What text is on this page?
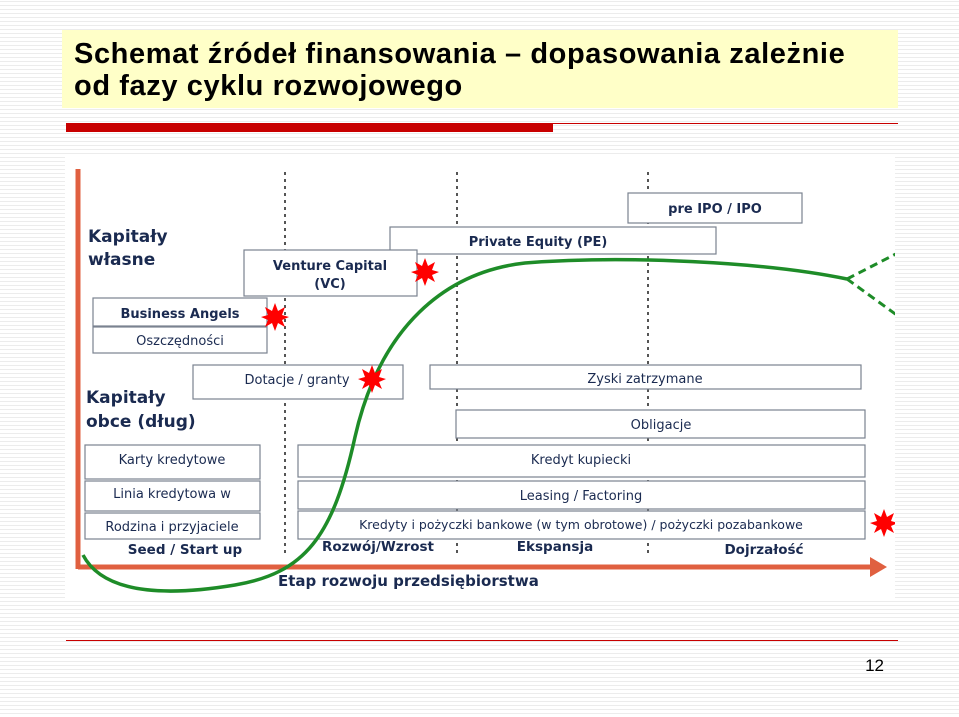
Schemat źródeł finansowania – dopasowania zależnie
od fazy cyklu rozwojowego
Kapitały
własne
Kapitały
obce (dług)
pre IPO / IPO
Private Equity (PE)
Venture Capital
(VC)
Business Angels
Oszczędności
Dotacje / granty	Zyski zatrzymane
Obligacje
Karty kredytowe	Kredyt kupiecki
Linia kredytowa w	Leasing / Factoring
Rodzina i przyjaciele	Kredyty i pożyczki bankowe (w tym obrotowe) / pożyczki pozabankowe
Seed / Start up	Rozwój/Wzrost	Ekspansja	Dojrzałość
Etap rozwoju przedsiębiorstwa
12
